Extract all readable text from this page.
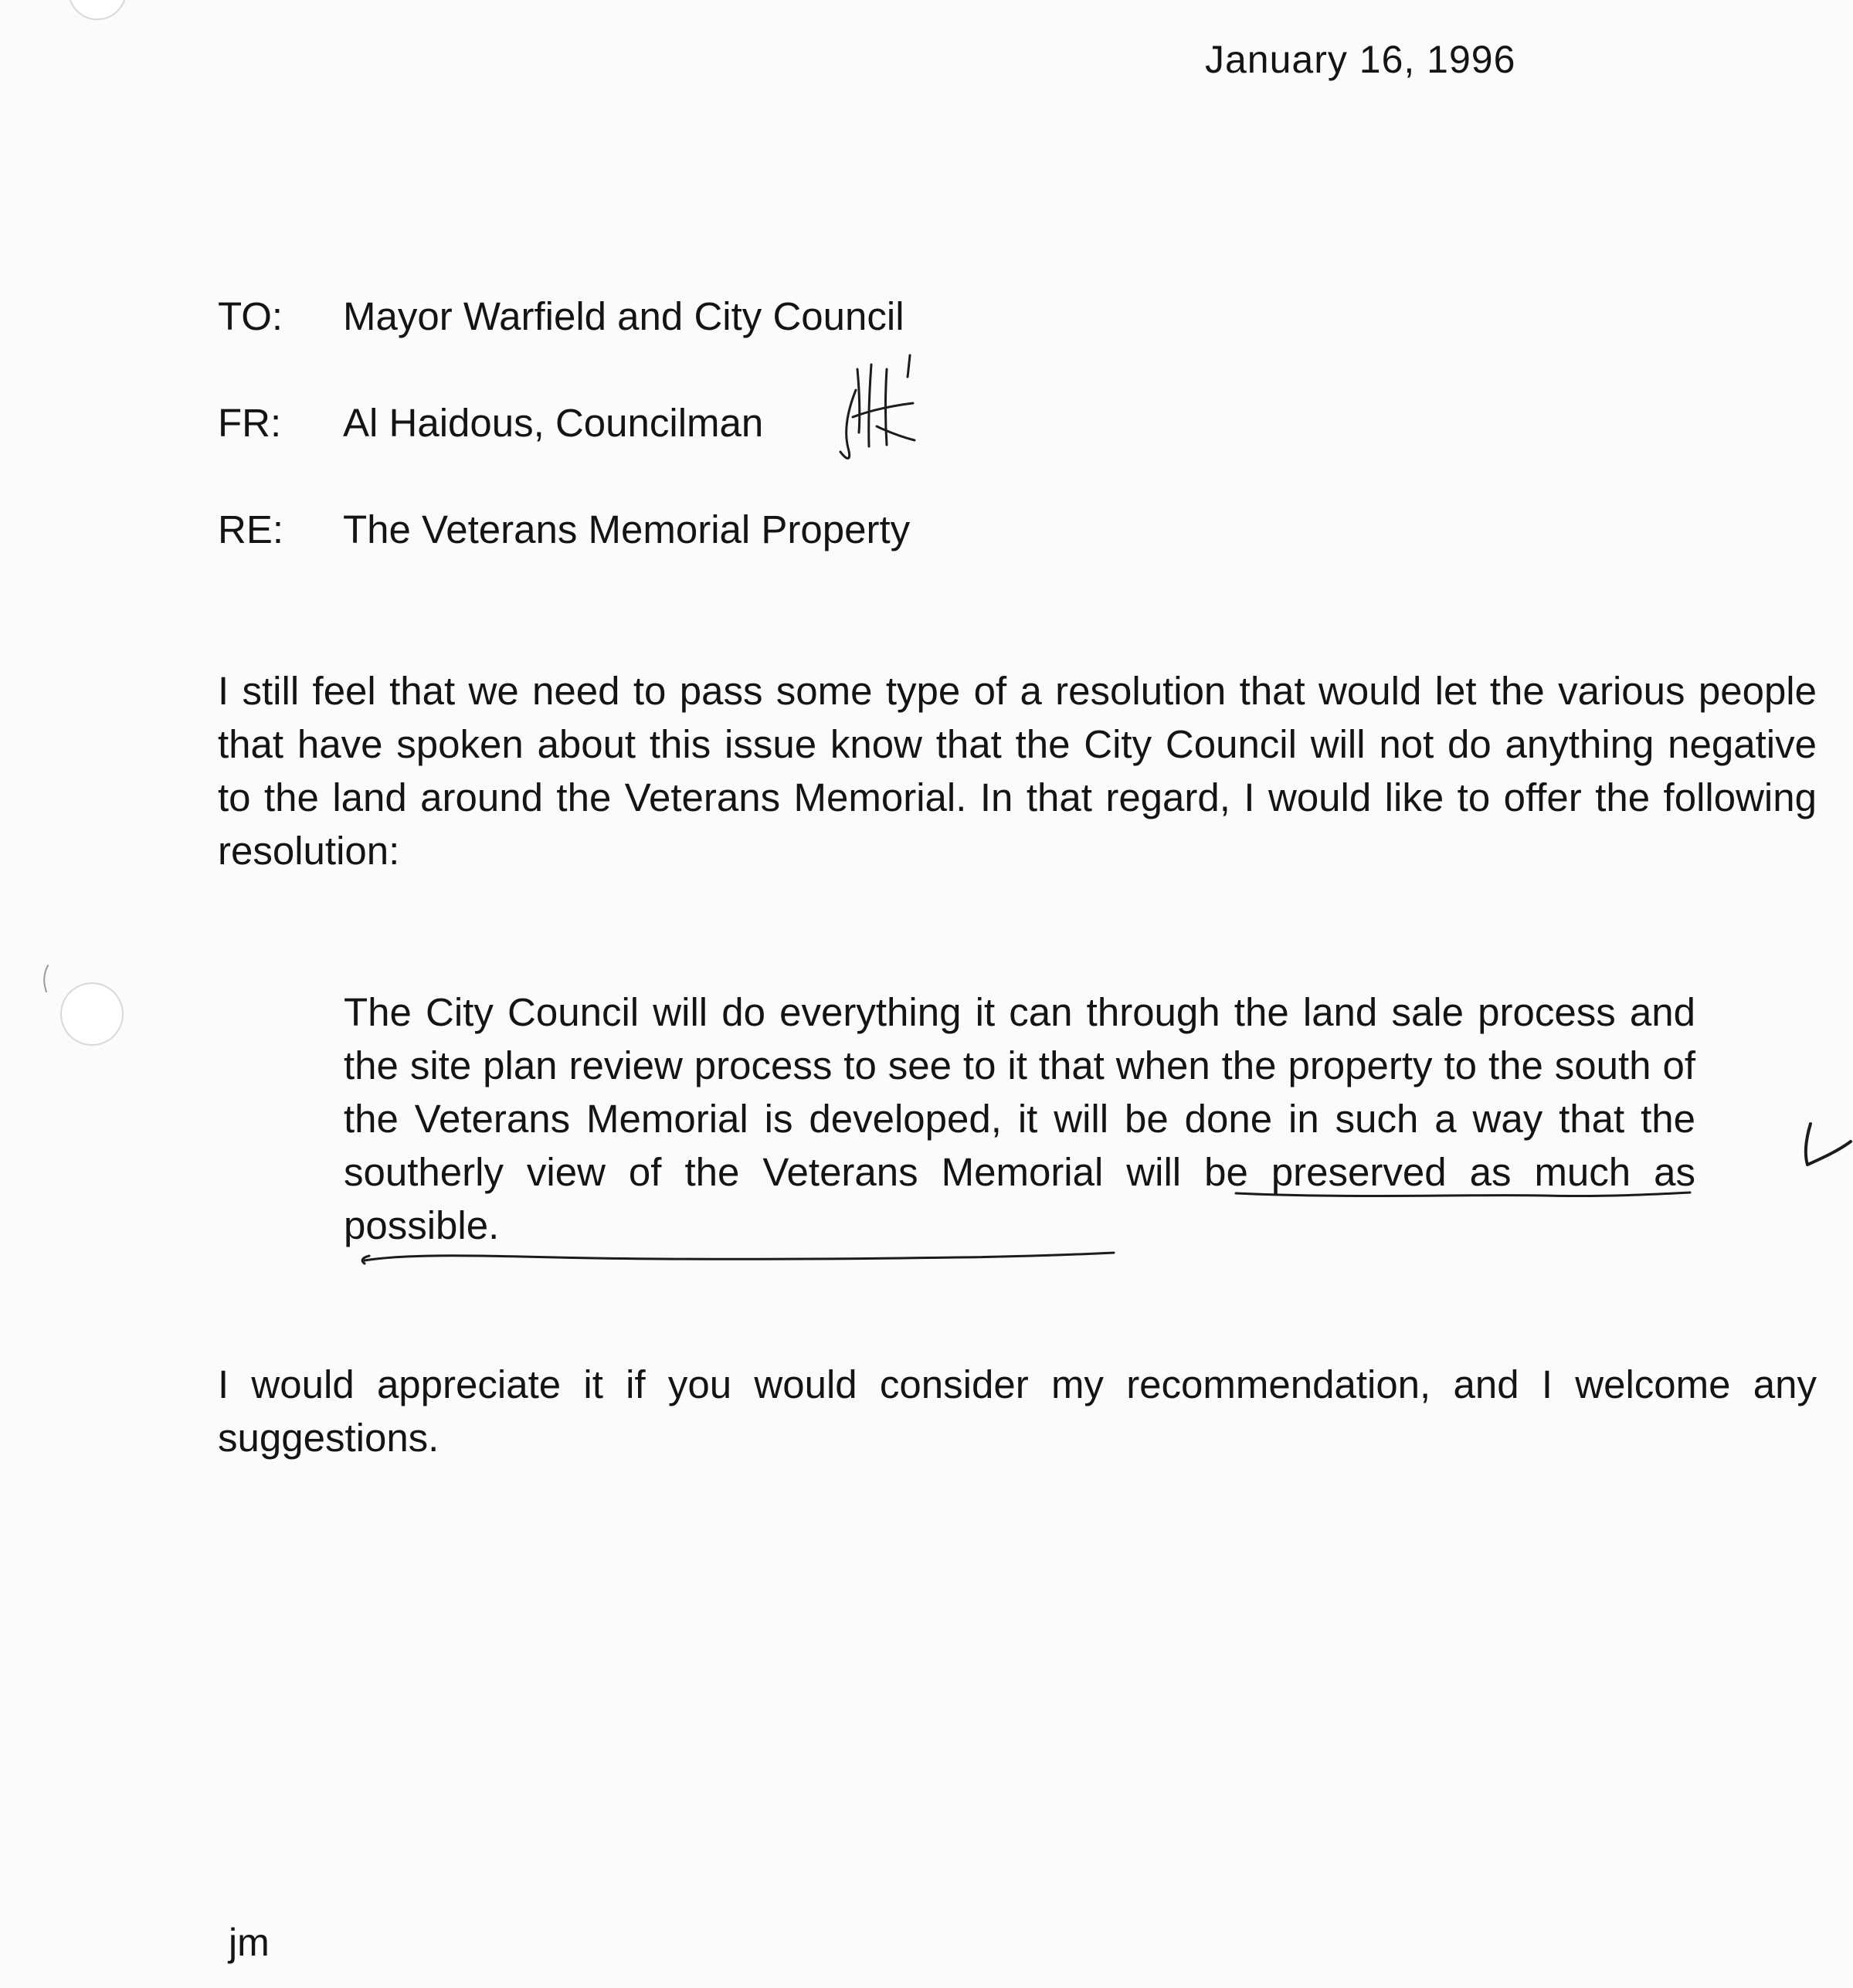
January 16, 1996
TO: Mayor Warfield and City Council
FR: Al Haidous, Councilman
RE: The Veterans Memorial Property
I still feel that we need to pass some type of a resolution that would let the various people that have spoken about this issue know that the City Council will not do anything negative to the land around the Veterans Memorial. In that regard, I would like to offer the following resolution:
The City Council will do everything it can through the land sale process and the site plan review process to see to it that when the property to the south of the Veterans Memorial is developed, it will be done in such a way that the southerly view of the Veterans Memorial will be preserved as much as possible.
I would appreciate it if you would consider my recommendation, and I welcome any suggestions.
jm
